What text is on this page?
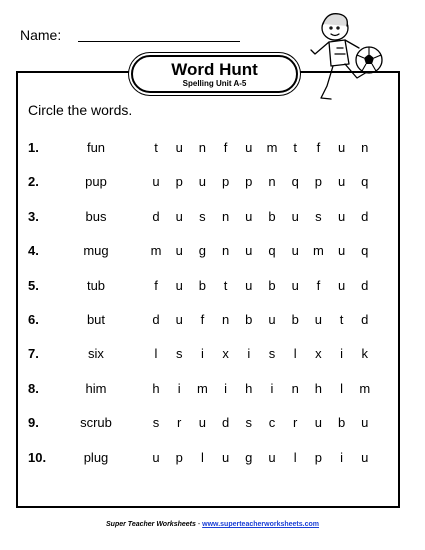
Name:
Word Hunt
Spelling Unit A-5
Circle the words.
1.	fun	t	u n	f	u m	t	f	u n
2.	pup	u p u p p n q p u q
3.	bus	d u s n u b u s u d
4.	mug	m u g n u q u m u q
5.	tub	f	u b	t	u b u	f	u d
6.	but	d u	f	n b u b u	t	d
7.	six	l	s	i	x	i	s	l	x	i	k
8.	him	h	i	m	i	h	i	n h	l	m
9.	scrub	s	r	u d s c	r	u b u
10.	plug	u p	l	u g u	l	p	i	u
Super Teacher Worksheets - www.superteacherworksheets.com
